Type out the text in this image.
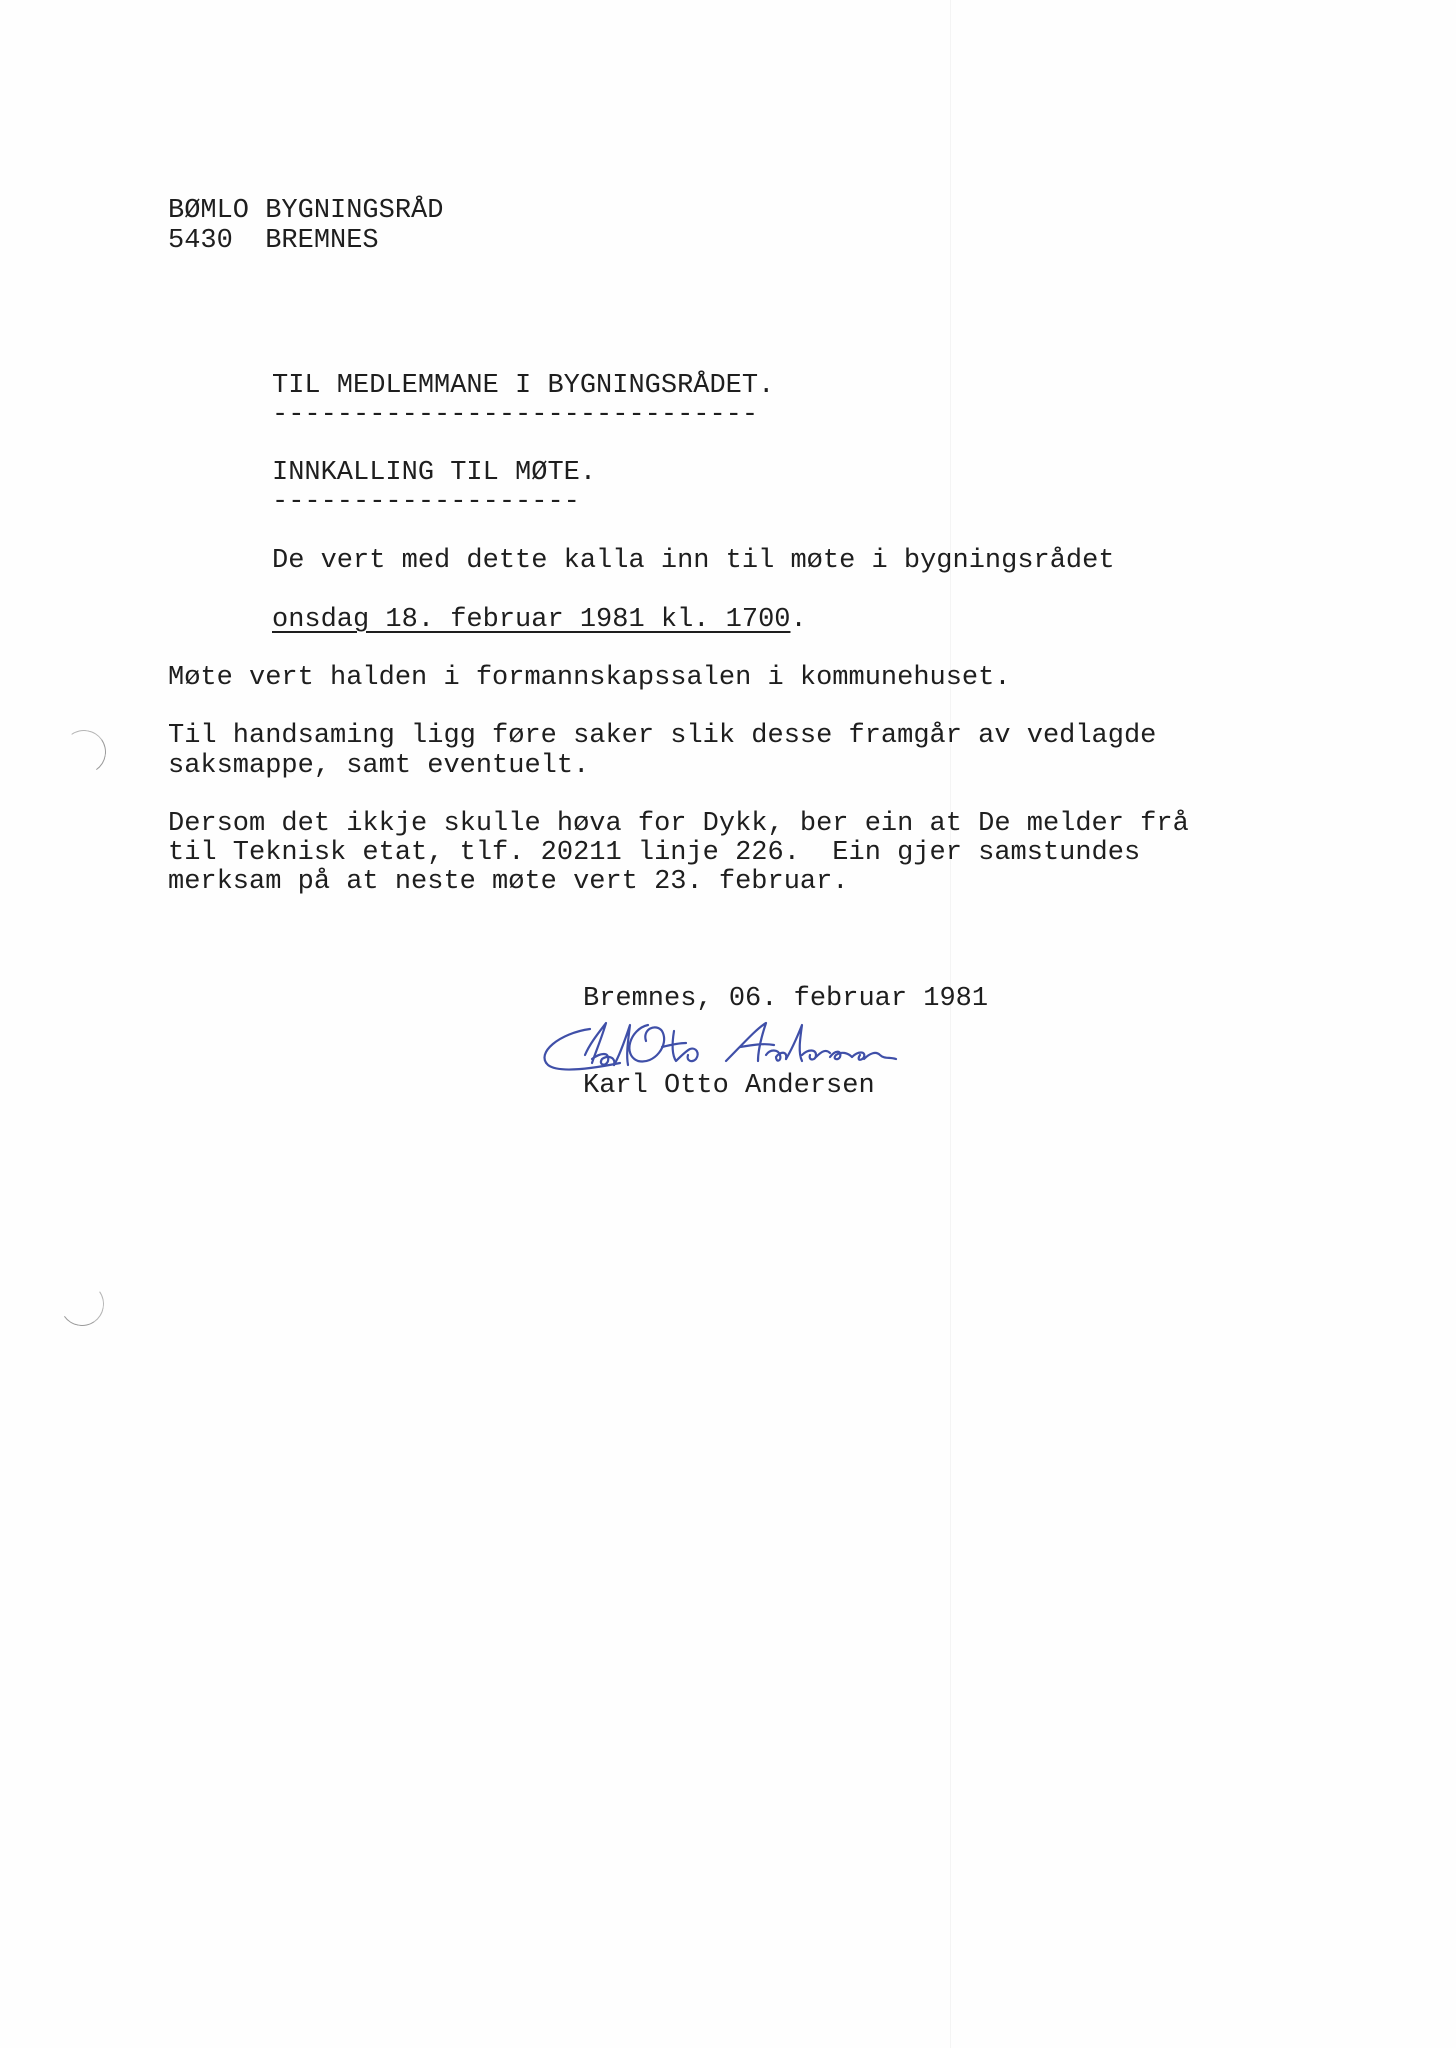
BØMLO BYGNINGSRÅD
5430  BREMNES
TIL MEDLEMMANE I BYGNINGSRÅDET.
------------------------------
INNKALLING TIL MØTE.
-------------------
De vert med dette kalla inn til møte i bygningsrådet
onsdag 18. februar 1981 kl. 1700.
Møte vert halden i formannskapssalen i kommunehuset.
Til handsaming ligg føre saker slik desse framgår av vedlagde
saksmappe, samt eventuelt.
Dersom det ikkje skulle høva for Dykk, ber ein at De melder frå
til Teknisk etat, tlf. 20211 linje 226.  Ein gjer samstundes
merksam på at neste møte vert 23. februar.
Bremnes, 06. februar 1981
Karl Otto Andersen
